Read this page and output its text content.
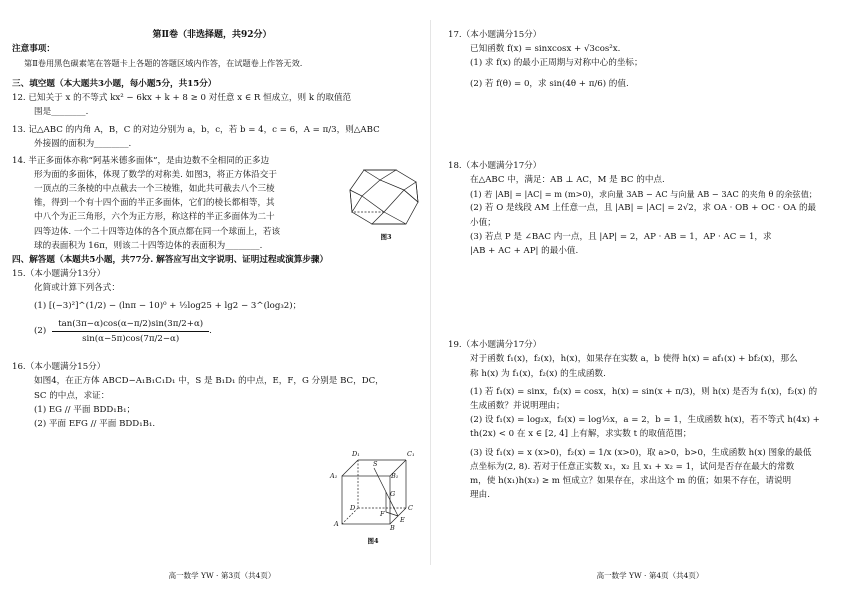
第Ⅱ卷（非选择题，共92分）

注意事项：

第Ⅱ卷用黑色碳素笔在答题卡上各题的答题区域内作答，在试题卷上作答无效.

三、填空题（本大题共3小题，每小题5分，共15分）

12. 已知关于 x 的不等式 kx² − 6kx + k + 8 ≥ 0 对任意 x ∈ R 恒成立，则 k 的取值范

围是________.

13. 记△ABC 的内角 A，B，C 的对边分别为 a，b，c，若 b = 4，c = 6，A = π/3，则△ABC

外接圆的面积为________.

14. 半正多面体亦称“阿基米德多面体”，是由边数不全相同的正多边

形为面的多面体，体现了数学的对称美. 如图3，将正方体沿交于

一顶点的三条棱的中点截去一个三棱锥，如此共可截去八个三棱

锥，得到一个有十四个面的半正多面体，它们的棱长都相等，其

中八个为正三角形，六个为正方形，称这样的半正多面体为二十

四等边体. 一个二十四等边体的各个顶点都在同一个球面上，若该

球的表面积为 16π，则该二十四等边体的表面积为________.

四、解答题（本题共5小题，共77分. 解答应写出文字说明、证明过程或演算步骤）

15.（本小题满分13分）

化简或计算下列各式：

(1) [(−3)²]^(1/2) − (lnπ − 10)⁰ + ½log25 + lg2 − 3^(log₃2)；

$(2) \frac{\tan(3\pi-\alpha)\cos(\alpha-\pi/2)\sin(3\pi/2+\alpha)}{\sin(\alpha-5\pi)\cos(7\pi/2-\alpha)}$ .

16.（本小题满分15分）

如图4，在正方体 ABCD−A₁B₁C₁D₁ 中，S 是 B₁D₁ 的中点，E，F，G 分别是 BC，DC，

SC 的中点，求证：

(1) EG // 平面 BDD₁B₁；

(2) 平面 EFG // 平面 BDD₁B₁.

图3
D₁	C₁
A₁	B₁
S
D
G
C
F
A	E
B
图4

17.（本小题满分15分）

已知函数 f(x) = sinxcosx + √3cos²x.

(1) 求 f(x) 的最小正周期与对称中心的坐标；

(2) 若 f(θ) = 0，求 sin(4θ + π/6) 的值.

18.（本小题满分17分）

在△ABC 中，满足：AB ⊥ AC，M 是 BC 的中点.

(1) 若 |AB| = |AC| = m (m>0)，求向量 3AB − AC 与向量 AB − 3AC 的夹角 θ 的余弦值；

(2) 若 O 是线段 AM 上任意一点，且 |AB| = |AC| = 2√2，求 OA · OB + OC · OA 的最

小值；

(3) 若点 P 是 ∠BAC 内一点，且 |AP| = 2，AP · AB = 1，AP · AC = 1，求

|AB + AC + AP| 的最小值.

19.（本小题满分17分）

对于函数 f₁(x)，f₂(x)，h(x)，如果存在实数 a，b 使得 h(x) = af₁(x) + bf₂(x)，那么

称 h(x) 为 f₁(x)，f₂(x) 的生成函数.

(1) 若 f₁(x) = sinx，f₂(x) = cosx，h(x) = sin(x + π/3)，则 h(x) 是否为 f₁(x)，f₂(x) 的

生成函数？并说明理由；

(2) 设 f₁(x) = log₂x，f₂(x) = log½x，a = 2，b = 1，生成函数 h(x)，若不等式 h(4x) +

th(2x) < 0 在 x ∈ [2, 4] 上有解，求实数 t 的取值范围；

(3) 设 f₁(x) = x (x>0)，f₂(x) = 1/x (x>0)，取 a>0，b>0，生成函数 h(x) 图象的最低

点坐标为(2, 8). 若对于任意正实数 x₁，x₂ 且 x₁ + x₂ = 1，试问是否存在最大的常数

m，使 h(x₁)h(x₂) ≥ m 恒成立？如果存在，求出这个 m 的值；如果不存在，请说明

理由.

高一数学 YW · 第3页（共4页）	高一数学 YW · 第4页（共4页）
